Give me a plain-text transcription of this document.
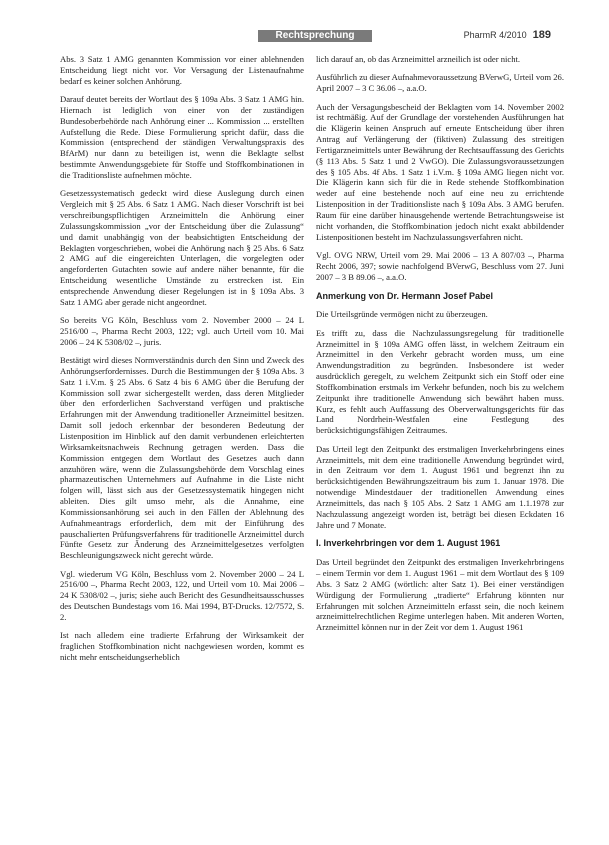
Rechtsprechung	PharmR 4/2010 189

Abs. 3 Satz 1 AMG genannten Kommission vor einer ablehnenden Entscheidung liegt nicht vor. Vor Versagung der Listenaufnahme bedarf es keiner solchen Anhörung.

Darauf deutet bereits der Wortlaut des § 109a Abs. 3 Satz 1 AMG hin. Hiernach ist lediglich von einer von der zuständigen Bundesoberbehörde nach Anhörung einer ... Kommission ... erstellten Aufstellung die Rede. Diese Formulierung spricht dafür, dass die Kommission (entsprechend der ständigen Verwaltungspraxis des BfArM) nur dann zu beteiligen ist, wenn die Beklagte selbst bestimmte Anwendungsgebiete für Stoffe und Stoffkombinationen in die Traditionsliste aufnehmen möchte.

Gesetzessystematisch gedeckt wird diese Auslegung durch einen Vergleich mit § 25 Abs. 6 Satz 1 AMG. Nach dieser Vorschrift ist bei verschreibungspflichtigen Arzneimitteln die Anhörung einer Zulassungskommission „vor der Entscheidung über die Zulassung“ und damit unabhängig von der beabsichtigten Entscheidung der Beklagten vorgeschrieben, wobei die Anhörung nach § 25 Abs. 6 Satz 2 AMG auf die eingereichten Unterlagen, die vorgelegten oder angeforderten Gutachten sowie auf andere näher benannte, für die Entscheidung wesentliche Umstände zu erstrecken ist. Ein entsprechende Anwendung dieser Regelungen ist in § 109a Abs. 3 Satz 1 AMG aber gerade nicht angeordnet.

So bereits VG Köln, Beschluss vom 2. November 2000 – 24 L 2516/00 –, Pharma Recht 2003, 122; vgl. auch Urteil vom 10. Mai 2006 – 24 K 5308/02 –, juris.

Bestätigt wird dieses Normverständnis durch den Sinn und Zweck des Anhörungserfordernisses. Durch die Bestimmungen der § 109a Abs. 3 Satz 1 i.V.m. § 25 Abs. 6 Satz 4 bis 6 AMG über die Berufung der Kommission soll zwar sichergestellt werden, dass deren Mitglieder über den erforderlichen Sachverstand verfügen und praktische Erfahrungen mit der Anwendung traditioneller Arzneimittel besitzen. Damit soll jedoch erkennbar der besonderen Bedeutung der Listenposition im Hinblick auf den damit verbundenen erleichterten Wirksamkeitsnachweis Rechnung getragen werden. Dass die Kommission entgegen dem Wortlaut des Gesetzes auch dann anzuhören wäre, wenn die Zulassungsbehörde dem Vorschlag eines pharmazeutischen Unternehmers auf Aufnahme in die Liste nicht folgen will, lässt sich aus der Gesetzessystematik hingegen nicht ableiten. Dies gilt umso mehr, als die Annahme, eine Kommissionsanhörung sei auch in den Fällen der Ablehnung des Aufnahmeantrags erforderlich, dem mit der Einführung des pauschalierten Prüfungsverfahrens für traditionelle Arzneimittel durch Fünfte Gesetz zur Änderung des Arzneimittelgesetzes verfolgten Beschleunigungszweck nicht gerecht würde.

Vgl. wiederum VG Köln, Beschluss vom 2. November 2000 – 24 L 2516/00 –, Pharma Recht 2003, 122, und Urteil vom 10. Mai 2006 – 24 K 5308/02 –, juris; siehe auch Bericht des Gesundheitsausschusses des Deutschen Bundestags vom 16. Mai 1994, BT-Drucks. 12/7572, S. 2.

Ist nach alledem eine tradierte Erfahrung der Wirksamkeit der fraglichen Stoffkombination nicht nachgewiesen worden, kommt es nicht mehr entscheidungserheblich

lich darauf an, ob das Arzneimittel arzneilich ist oder nicht.

Ausführlich zu dieser Aufnahmevoraussetzung BVerwG, Urteil vom 26. April 2007 – 3 C 36.06 –, a.a.O.

Auch der Versagungsbescheid der Beklagten vom 14. November 2002 ist rechtmäßig. Auf der Grundlage der vorstehenden Ausführungen hat die Klägerin keinen Anspruch auf erneute Entscheidung über ihren Antrag auf Verlängerung der (fiktiven) Zulassung des streitigen Fertigarzneimittels unter Bewährung der Rechtsauffassung des Gerichts (§ 113 Abs. 5 Satz 1 und 2 VwGO). Die Zulassungsvoraussetzungen des § 105 Abs. 4f Abs. 1 Satz 1 i.V.m. § 109a AMG liegen nicht vor. Die Klägerin kann sich für die in Rede stehende Stoffkombination weder auf eine bestehende noch auf eine neu zu errichtende Listenposition in der Traditionsliste nach § 109a Abs. 3 AMG berufen. Raum für eine darüber hinausgehende wertende Betrachtungsweise ist nicht vorhanden, die Stoffkombination jedoch nicht exakt abbildender Listenpositionen besteht im Nachzulassungsverfahren nicht.

Vgl. OVG NRW, Urteil vom 29. Mai 2006 – 13 A 807/03 –, Pharma Recht 2006, 397; sowie nachfolgend BVerwG, Beschluss vom 27. Juni 2007 – 3 B 89.06 –, a.a.O.

Anmerkung von Dr. Hermann Josef Pabel

Die Urteilsgründe vermögen nicht zu überzeugen.

Es trifft zu, dass die Nachzulassungsregelung für traditionelle Arzneimittel in § 109a AMG offen lässt, in welchem Zeitraum ein Arzneimittel in den Verkehr gebracht worden muss, um eine Anwendungstradition zu begründen. Insbesondere ist weder ausdrücklich geregelt, zu welchem Zeitpunkt sich ein Stoff oder eine Stoffkombination erstmals im Verkehr befunden, noch bis zu welchem Zeitpunkt ihre traditionelle Anwendung sich bewährt haben muss. Kurz, es fehlt auch Auffassung des Oberverwaltungsgerichts für das Land Nordrhein-Westfalen eine Festlegung des berücksichtigungsfähigen Zeitraumes.

Das Urteil legt den Zeitpunkt des erstmaligen Inverkehrbringens eines Arzneimittels, mit dem eine traditionelle Anwendung begründet wird, in den Zeitraum vor dem 1. August 1961 und begrenzt ihn zu berücksichtigenden Bewährungszeitraum bis zum 1. Januar 1978. Die notwendige Mindestdauer der traditionellen Anwendung eines Arzneimittels, das nach § 105 Abs. 2 Satz 1 AMG am 1.1.1978 zur Nachzulassung angezeigt worden ist, beträgt bei diesen Eckdaten 16 Jahre und 7 Monate.

I. Inverkehrbringen vor dem 1. August 1961

Das Urteil begründet den Zeitpunkt des erstmaligen Inverkehrbringens – einem Termin vor dem 1. August 1961 – mit dem Wortlaut des § 109 Abs. 3 Satz 2 AMG (wörtlich: alter Satz 1). Bei einer verständigen Würdigung der Formulierung „tradierte“ Erfahrung könnten nur Erfahrungen mit solchen Arzneimitteln erfasst sein, die noch keinem arzneimittelrechtlichen Regime unterlegen haben. Mit anderen Worten, Arzneimittel können nur in der Zeit vor dem 1. August 1961
